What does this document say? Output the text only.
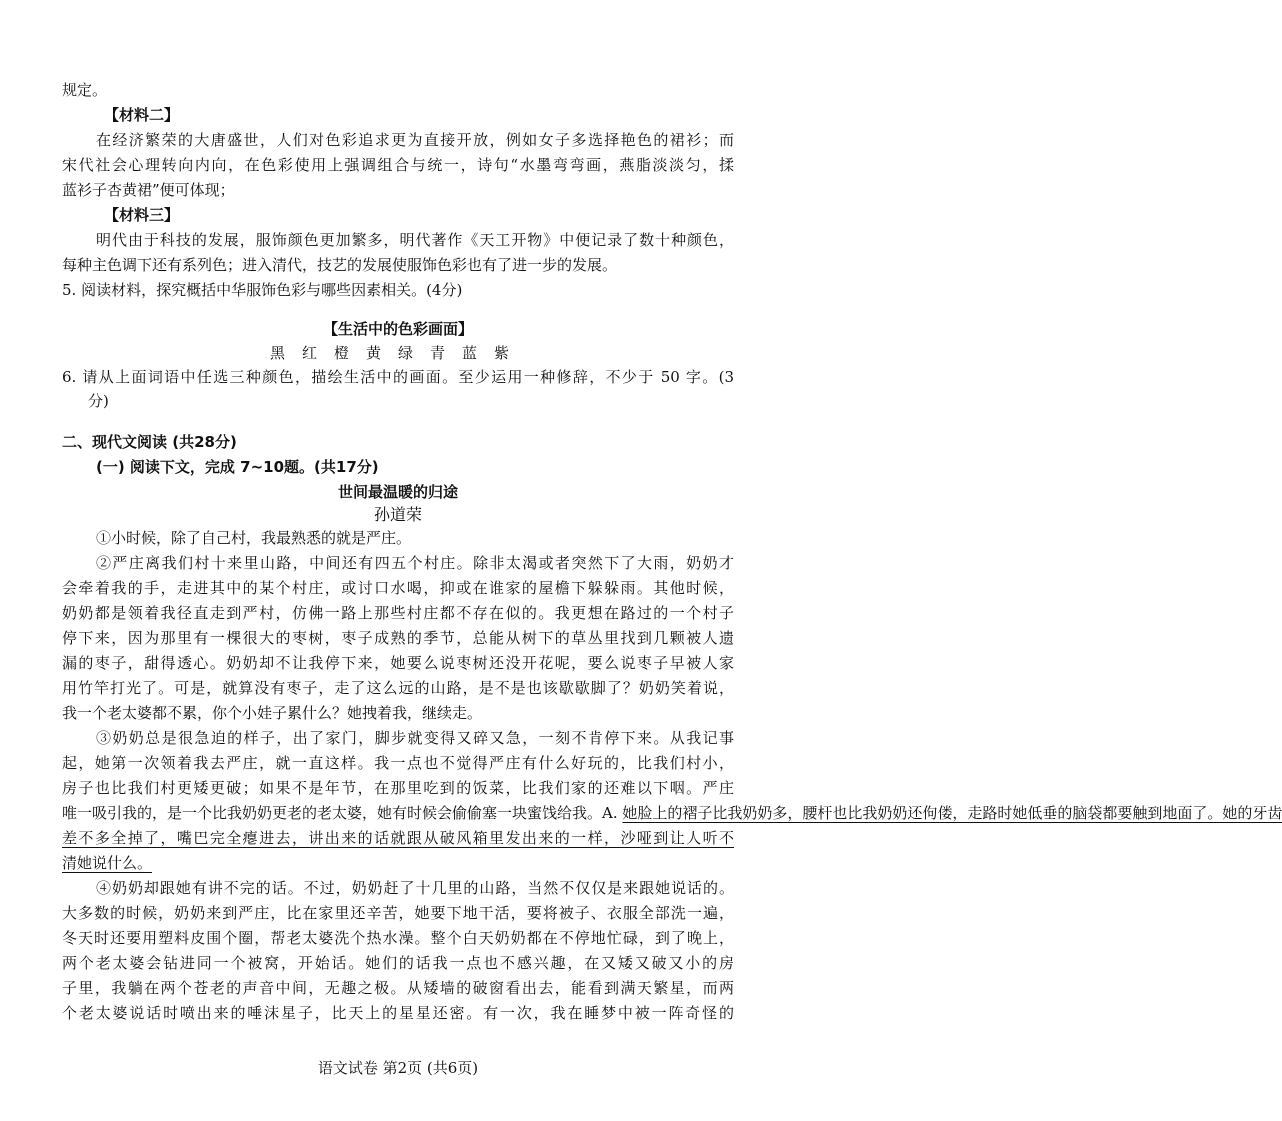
规定。
【材料二】
在经济繁荣的大唐盛世，人们对色彩追求更为直接开放，例如女子多选择艳色的裙衫；而
宋代社会心理转向内向，在色彩使用上强调组合与统一，诗句“水墨弯弯画，燕脂淡淡匀，揉
蓝衫子杏黄裙”便可体现；
【材料三】
明代由于科技的发展，服饰颜色更加繁多，明代著作《天工开物》中便记录了数十种颜色，
每种主色调下还有系列色；进入清代，技艺的发展使服饰色彩也有了进一步的发展。
5. 阅读材料，探究概括中华服饰色彩与哪些因素相关。(4分)
【生活中的色彩画面】
黑红橙黄绿青蓝紫
6. 请从上面词语中任选三种颜色，描绘生活中的画面。至少运用一种修辞，不少于 50 字。(3
分)
二、现代文阅读 (共28分)
(一) 阅读下文，完成 7~10题。(共17分)
世间最温暖的归途
孙道荣
①小时候，除了自己村，我最熟悉的就是严庄。
②严庄离我们村十来里山路，中间还有四五个村庄。除非太渴或者突然下了大雨，奶奶才
会牵着我的手，走进其中的某个村庄，或讨口水喝，抑或在谁家的屋檐下躲躲雨。其他时候，
奶奶都是领着我径直走到严村，仿佛一路上那些村庄都不存在似的。我更想在路过的一个村子
停下来，因为那里有一棵很大的枣树，枣子成熟的季节，总能从树下的草丛里找到几颗被人遗
漏的枣子，甜得透心。奶奶却不让我停下来，她要么说枣树还没开花呢，要么说枣子早被人家
用竹竿打光了。可是，就算没有枣子，走了这么远的山路，是不是也该歇歇脚了？奶奶笑着说，
我一个老太婆都不累，你个小娃子累什么？她拽着我，继续走。
③奶奶总是很急迫的样子，出了家门，脚步就变得又碎又急，一刻不肯停下来。从我记事
起，她第一次领着我去严庄，就一直这样。我一点也不觉得严庄有什么好玩的，比我们村小，
房子也比我们村更矮更破；如果不是年节，在那里吃到的饭菜，比我们家的还难以下咽。严庄
唯一吸引我的，是一个比我奶奶更老的老太婆，她有时候会偷偷塞一块蜜饯给我。A. 她脸上的褶子比我奶奶多，腰杆也比我奶奶还佝偻，走路时她低垂的脑袋都要触到地面了。她的牙齿
差不多全掉了，嘴巴完全瘪进去，讲出来的话就跟从破风箱里发出来的一样，沙哑到让人听不
清她说什么。
④奶奶却跟她有讲不完的话。不过，奶奶赶了十几里的山路，当然不仅仅是来跟她说话的。
大多数的时候，奶奶来到严庄，比在家里还辛苦，她要下地干活，要将被子、衣服全部洗一遍，
冬天时还要用塑料皮围个圈，帮老太婆洗个热水澡。整个白天奶奶都在不停地忙碌，到了晚上，
两个老太婆会钻进同一个被窝，开始话。她们的话我一点也不感兴趣，在又矮又破又小的房
子里，我躺在两个苍老的声音中间，无趣之极。从矮墙的破窗看出去，能看到满天繁星，而两
个老太婆说话时喷出来的唾沫星子，比天上的星星还密。有一次，我在睡梦中被一阵奇怪的
语文试卷 第2页 (共6页)
